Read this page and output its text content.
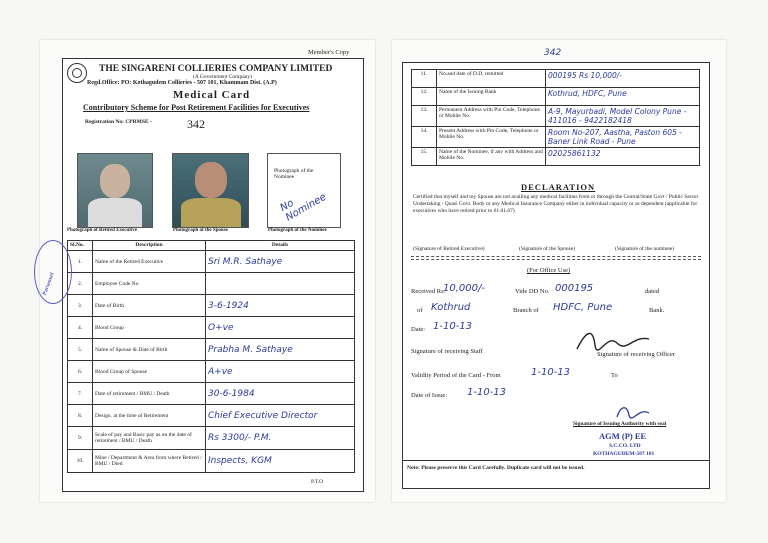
Member's Copy
THE SINGARENI COLLIERIES COMPANY LIMITED
(A Government Company)
Regd.Office: PO: Kothagudem Collieries - 507 101, Khammam Dist. (A.P)
Medical Card
Contributory Scheme for Post Retirement Facilities for Executives
Registration No: CPRMSE -	342
Photograph of the Nominee
No Nominee
Photograph of Retired Executive	Photograph of the Spouse	Photograph of the Nominee
Sl.No.	Description	Details
1.	Name of the Retired Executive	Sri M.R. Sathaye
2.	Employee Code No.	
3.	Date of Birth	3-6-1924
4.	Blood Group	O+ve
5.	Name of Spouse & Date of Birth	Prabha M. Sathaye
6.	Blood Group of Spouse	A+ve
7.	Date of retirement / BMU / Death	30-6-1984
8.	Design. at the time of Retirement	Chief Executive Director
9.	Scale of pay and Basic pay as on the date of retirement / BMU / Death	Rs 3300/- P.M.
10.	Mine / Department & Area from where Retired / BMU / Died	Inspects, KGM
P.T.O
Parsonnel
342
11.	No.and date of D.D. remitted	000195 Rs 10,000/-
12.	Name of the Issuing Bank	Kothrud, HDFC, Pune
13.	Permanent Address with Pin Code, Telephone or Mobile No.	A-9, Mayurbadi, Model Colony Pune - 411016 - 9422182418
14.	Present Address with Pin Code, Telephone or Mobile No.	Room No-207, Aastha, Paston 605 - Baner Link Road - Pune
15.	Name of the Nominee, if any with Address and Mobile No.	02025861132
DECLARATION
Certified that myself and my Spouse are not availing any medical facilities from or through the Central/State Govt / Public Sector Undertaking / Quasi Govt. Body or any Medical Insurance Company either in individual capacity or as dependent (applicable for executives who have retired prior to 01.01.07)
(Signature of Retired Executive)	(Signature of the Spouse)	(Signature of the nominee)
(For Office Use)
Received Rs.
10,000/-	Vide DD No. 000195	dated
of Kothrud	Branch of HDFC, Pune	Bank.
Date: 1-10-13
Signature of receiving Staff	Signature of receiving Officer
Validity Period of the Card - From	1-10-13	To
Date of Issue: 1-10-13
Signature of Issuing Authority with seal
AGM (P) EE
S.C.CO. LTD
KOTHAGUDEM-507 101
Note: Please preserve this Card Carefully. Duplicate card will not be issued.
